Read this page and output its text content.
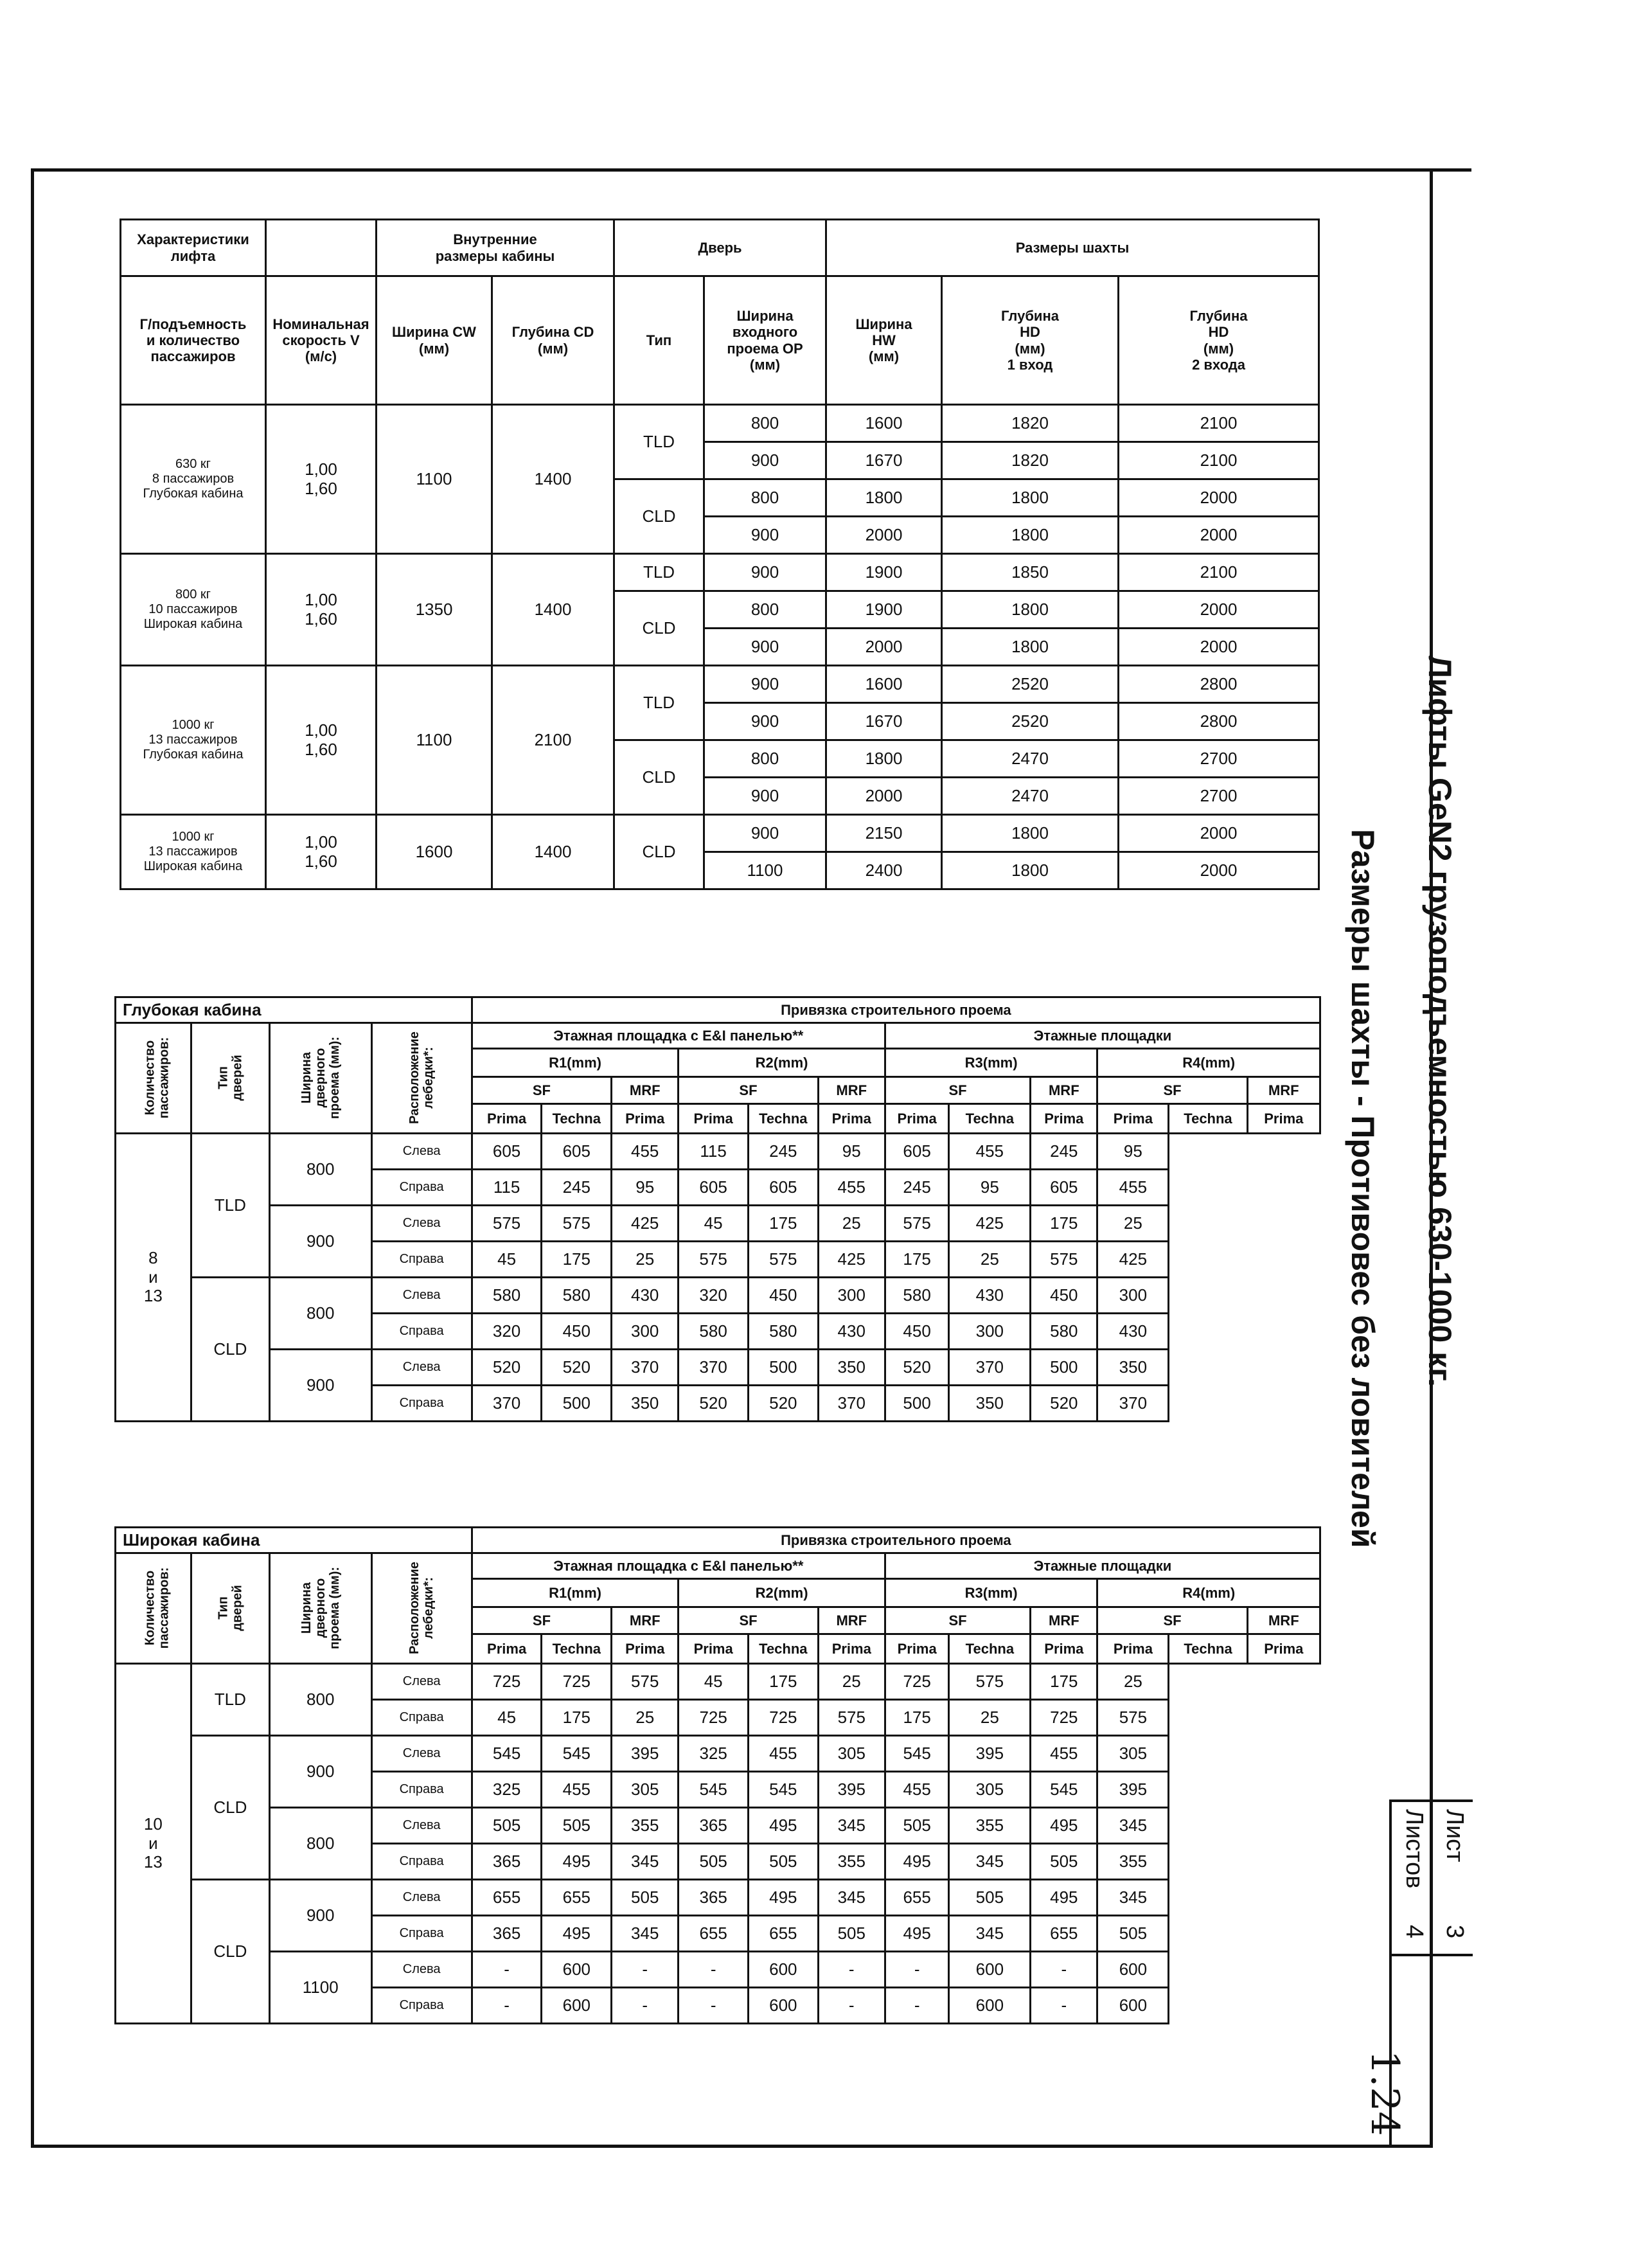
Лифты GeN2 грузоподъемностью 630-1000 кг.
Размеры шахты - Противовес без ловителей
Лист
3
Листов
4
1.24
Характеристики
лифта		Внутренние
размеры кабины		Дверь		Размеры шахты		
Г/подъемность
и количество
пассажиров	Номинальная
скорость V
(м/с)	Ширина CW
(мм)	Глубина CD
(мм)	Тип	Ширина
входного
проема OP
(мм)	Ширина
HW
(мм)	Глубина
HD
(мм)
1 вход	Глубина
HD
(мм)
2 входа
630 кг
8 пассажиров
Глубокая кабина	1,00
1,60	1100	1400	TLD	800	1600	1820	2100
					900	1670	1820	2100
				CLD	800	1800	1800	2000
					900	2000	1800	2000
800 кг
10 пассажиров
Широкая кабина	1,00
1,60	1350	1400	TLD	900	1900	1850	2100
				CLD	800	1900	1800	2000
					900	2000	1800	2000
1000 кг
13 пассажиров
Глубокая кабина	1,00
1,60	1100	2100	TLD	900	1600	2520	2800
					900	1670	2520	2800
				CLD	800	1800	2470	2700
					900	2000	2470	2700
1000 кг
13 пассажиров
Широкая кабина	1,00
1,60	1600	1400	CLD	900	2150	1800	2000
					1100	2400	1800	2000
Глубокая кабина				Привязка строительного проема											
Количество
пассажиров:	Тип
дверей	Ширина
дверного
проема (мм):	Расположение
лебедки*:	Этажная площадка с E&I панелью**						Этажные площадки					
				R1(mm)			R2(mm)			R3(mm)			R4(mm)		
				SF		MRF	SF		MRF	SF		MRF	SF		MRF
				Prima	Techna	Prima	Prima	Techna	Prima	Prima	Techna	Prima	Prima	Techna	Prima
8
и
13	TLD	800	Слева	605	605	455	115	245	95	605	455	245	95		
			Справа	115	245	95	605	605	455	245	95	605	455		
		900	Слева	575	575	425	45	175	25	575	425	175	25		
			Справа	45	175	25	575	575	425	175	25	575	425		
	CLD	800	Слева	580	580	430	320	450	300	580	430	450	300		
			Справа	320	450	300	580	580	430	450	300	580	430		
		900	Слева	520	520	370	370	500	350	520	370	500	350		
			Справа	370	500	350	520	520	370	500	350	520	370		
Широкая кабина				Привязка строительного проема											
Количество
пассажиров:	Тип
дверей	Ширина
дверного
проема (мм):	Расположение
лебедки*:	Этажная площадка с E&I панелью**						Этажные площадки					
				R1(mm)			R2(mm)			R3(mm)			R4(mm)		
				SF		MRF	SF		MRF	SF		MRF	SF		MRF
				Prima	Techna	Prima	Prima	Techna	Prima	Prima	Techna	Prima	Prima	Techna	Prima
10
и
13	TLD	800	Слева	725	725	575	45	175	25	725	575	175	25		
			Справа	45	175	25	725	725	575	175	25	725	575		
	CLD	900	Слева	545	545	395	325	455	305	545	395	455	305		
			Справа	325	455	305	545	545	395	455	305	545	395		
		800	Слева	505	505	355	365	495	345	505	355	495	345		
			Справа	365	495	345	505	505	355	495	345	505	355		
	CLD	900	Слева	655	655	505	365	495	345	655	505	495	345		
			Справа	365	495	345	655	655	505	495	345	655	505		
		1100	Слева	-	600	-	-	600	-	-	600	-	600		
			Справа	-	600	-	-	600	-	-	600	-	600		
